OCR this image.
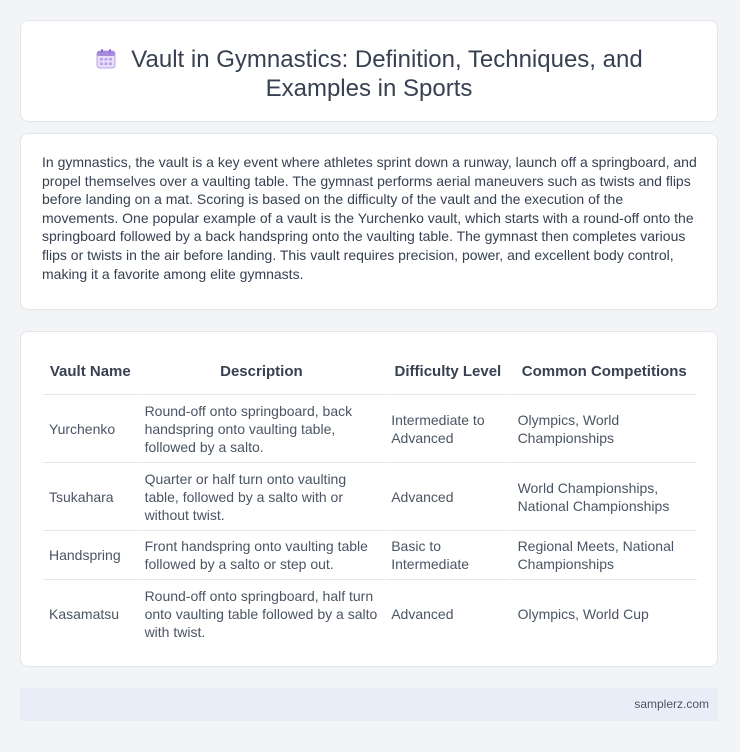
Vault in Gymnastics: Definition, Techniques, and Examples in Sports

In gymnastics, the vault is a key event where athletes sprint down a runway, launch off a springboard, and propel themselves over a vaulting table. The gymnast performs aerial maneuvers such as twists and flips before landing on a mat. Scoring is based on the difficulty of the vault and the execution of the movements. One popular example of a vault is the Yurchenko vault, which starts with a round-off onto the springboard followed by a back handspring onto the vaulting table. The gymnast then completes various flips or twists in the air before landing. This vault requires precision, power, and excellent body control, making it a favorite among elite gymnasts.

Vault Name	Description	Difficulty Level	Common Competitions
Yurchenko	Round-off onto springboard, back handspring onto vaulting table, followed by a salto.	Intermediate to Advanced	Olympics, World Championships
Tsukahara	Quarter or half turn onto vaulting table, followed by a salto with or without twist.	Advanced	World Championships, National Championships
Handspring	Front handspring onto vaulting table followed by a salto or step out.	Basic to Intermediate	Regional Meets, National Championships
Kasamatsu	Round-off onto springboard, half turn onto vaulting table followed by a salto with twist.	Advanced	Olympics, World Cup
samplerz.com
